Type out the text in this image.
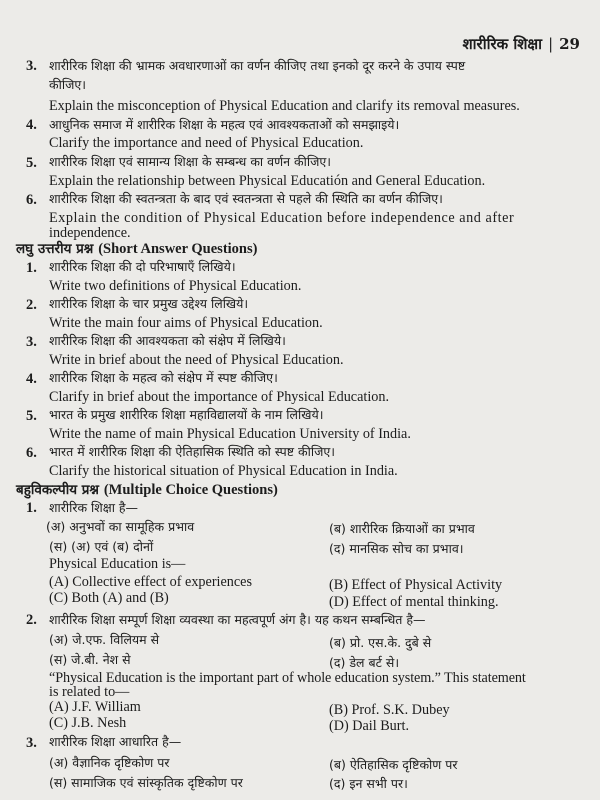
शारीरिक शिक्षा | 29
3. शारीरिक शिक्षा की भ्रामक अवधारणाओं का वर्णन कीजिए तथा इनको दूर करने के उपाय स्पष्ट
कीजिए।
Explain the misconception of Physical Education and clarify its removal measures.
4. आधुनिक समाज में शारीरिक शिक्षा के महत्व एवं आवश्यकताओं को समझाइये।
Clarify the importance and need of Physical Education.
5. शारीरिक शिक्षा एवं सामान्य शिक्षा के सम्बन्ध का वर्णन कीजिए।
Explain the relationship between Physical Educatión and General Education.
6. शारीरिक शिक्षा की स्वतन्त्रता के बाद एवं स्वतन्त्रता से पहले की स्थिति का वर्णन कीजिए।
Explain the condition of Physical Education before independence and after
independence.
लघु उत्तरीय प्रश्न (Short Answer Questions)
1. शारीरिक शिक्षा की दो परिभाषाएँ लिखिये।
Write two definitions of Physical Education.
2. शारीरिक शिक्षा के चार प्रमुख उद्देश्य लिखिये।
Write the main four aims of Physical Education.
3. शारीरिक शिक्षा की आवश्यकता को संक्षेप में लिखिये।
Write in brief about the need of Physical Education.
4. शारीरिक शिक्षा के महत्व को संक्षेप में स्पष्ट कीजिए।
Clarify in brief about the importance of Physical Education.
5. भारत के प्रमुख शारीरिक शिक्षा महाविद्यालयों के नाम लिखिये।
Write the name of main Physical Education University of India.
6. भारत में शारीरिक शिक्षा की ऐतिहासिक स्थिति को स्पष्ट कीजिए।
Clarify the historical situation of Physical Education in India.
बहुविकल्पीय प्रश्न (Multiple Choice Questions)
1. शारीरिक शिक्षा है—
(अ) अनुभवों का सामूहिक प्रभाव	(ब) शारीरिक क्रियाओं का प्रभाव
(स) (अ) एवं (ब) दोनों	(द) मानसिक सोच का प्रभाव।
Physical Education is—
(A) Collective effect of experiences	(B) Effect of Physical Activity
(C) Both (A) and (B)	(D) Effect of mental thinking.
2. शारीरिक शिक्षा सम्पूर्ण शिक्षा व्यवस्था का महत्वपूर्ण अंग है। यह कथन सम्बन्धित है—
(अ) जे.एफ. विलियम से	(ब) प्रो. एस.के. दुबे से
(स) जे.बी. नेश से	(द) डेल बर्ट से।
“Physical Education is the important part of whole education system.” This statement
is related to—
(A) J.F. William	(B) Prof. S.K. Dubey
(C) J.B. Nesh	(D) Dail Burt.
3. शारीरिक शिक्षा आधारित है—
(अ) वैज्ञानिक दृष्टिकोण पर	(ब) ऐतिहासिक दृष्टिकोण पर
(स) सामाजिक एवं सांस्कृतिक दृष्टिकोण पर	(द) इन सभी पर।
